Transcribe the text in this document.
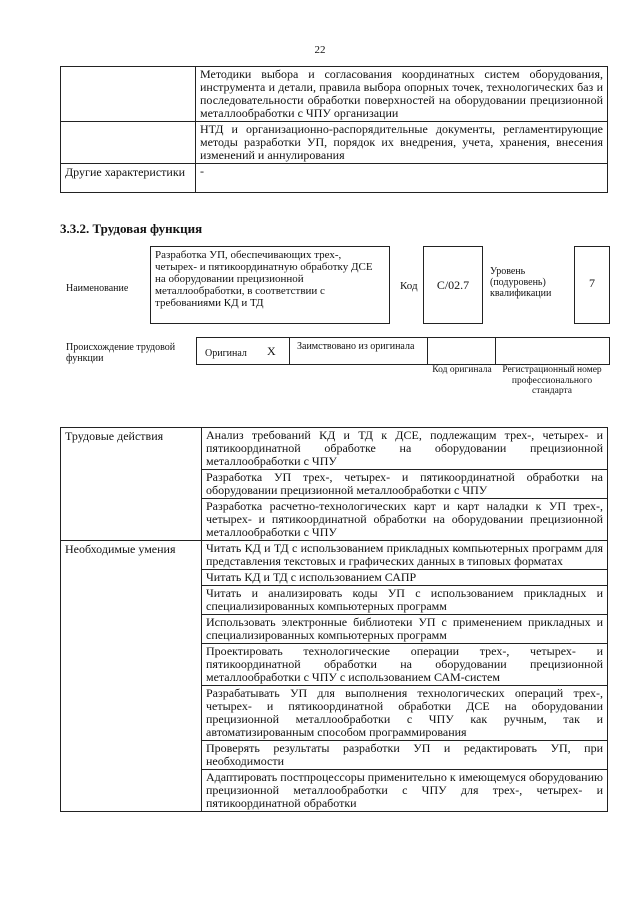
22
	Методики выбора и согласования координатных систем оборудования, инструмента и детали, правила выбора опорных точек, технологических баз и последовательности обработки поверхностей на оборудовании прецизионной металлообработки с ЧПУ организации
	НТД и организационно-распорядительные документы, регламентирующие методы разработки УП, порядок их внедрения, учета, хранения, внесения изменений и аннулирования
Другие характеристики	-
3.3.2. Трудовая функция
Наименование
Разработка УП, обеспечивающих трех-, четырех- и пятикоординатную обработку ДСЕ на оборудовании прецизионной металлообработки, в соответствии с требованиями КД и ТД
Код	C/02.7
Уровень (подуровень) квалификации
7
Происхождение трудовой функции	Оригинал X Заимствовано из оригинала
Код оригинала Регистрационный номер профессионального стандарта
Трудовые действия	Анализ требований КД и ТД к ДСЕ, подлежащим трех-, четырех- и пятикоординатной обработке на оборудовании прецизионной металлообработки с ЧПУ
	Разработка УП трех-, четырех- и пятикоординатной обработки на оборудовании прецизионной металлообработки с ЧПУ
	Разработка расчетно-технологических карт и карт наладки к УП трех-, четырех- и пятикоординатной обработки на оборудовании прецизионной металлообработки с ЧПУ
Необходимые умения	Читать КД и ТД с использованием прикладных компьютерных программ для представления текстовых и графических данных в типовых форматах
	Читать КД и ТД с использованием САПР
	Читать и анализировать коды УП с использованием прикладных и специализированных компьютерных программ
	Использовать электронные библиотеки УП с применением прикладных и специализированных компьютерных программ
	Проектировать технологические операции трех-, четырех- и пятикоординатной обработки на оборудовании прецизионной металлообработки с ЧПУ с использованием САМ-систем
	Разрабатывать УП для выполнения технологических операций трех-, четырех- и пятикоординатной обработки ДСЕ на оборудовании прецизионной металлообработки с ЧПУ как ручным, так и автоматизированным способом программирования
	Проверять результаты разработки УП и редактировать УП, при необходимости
	Адаптировать постпроцессоры применительно к имеющемуся оборудованию прецизионной металлообработки с ЧПУ для трех-, четырех- и пятикоординатной обработки
